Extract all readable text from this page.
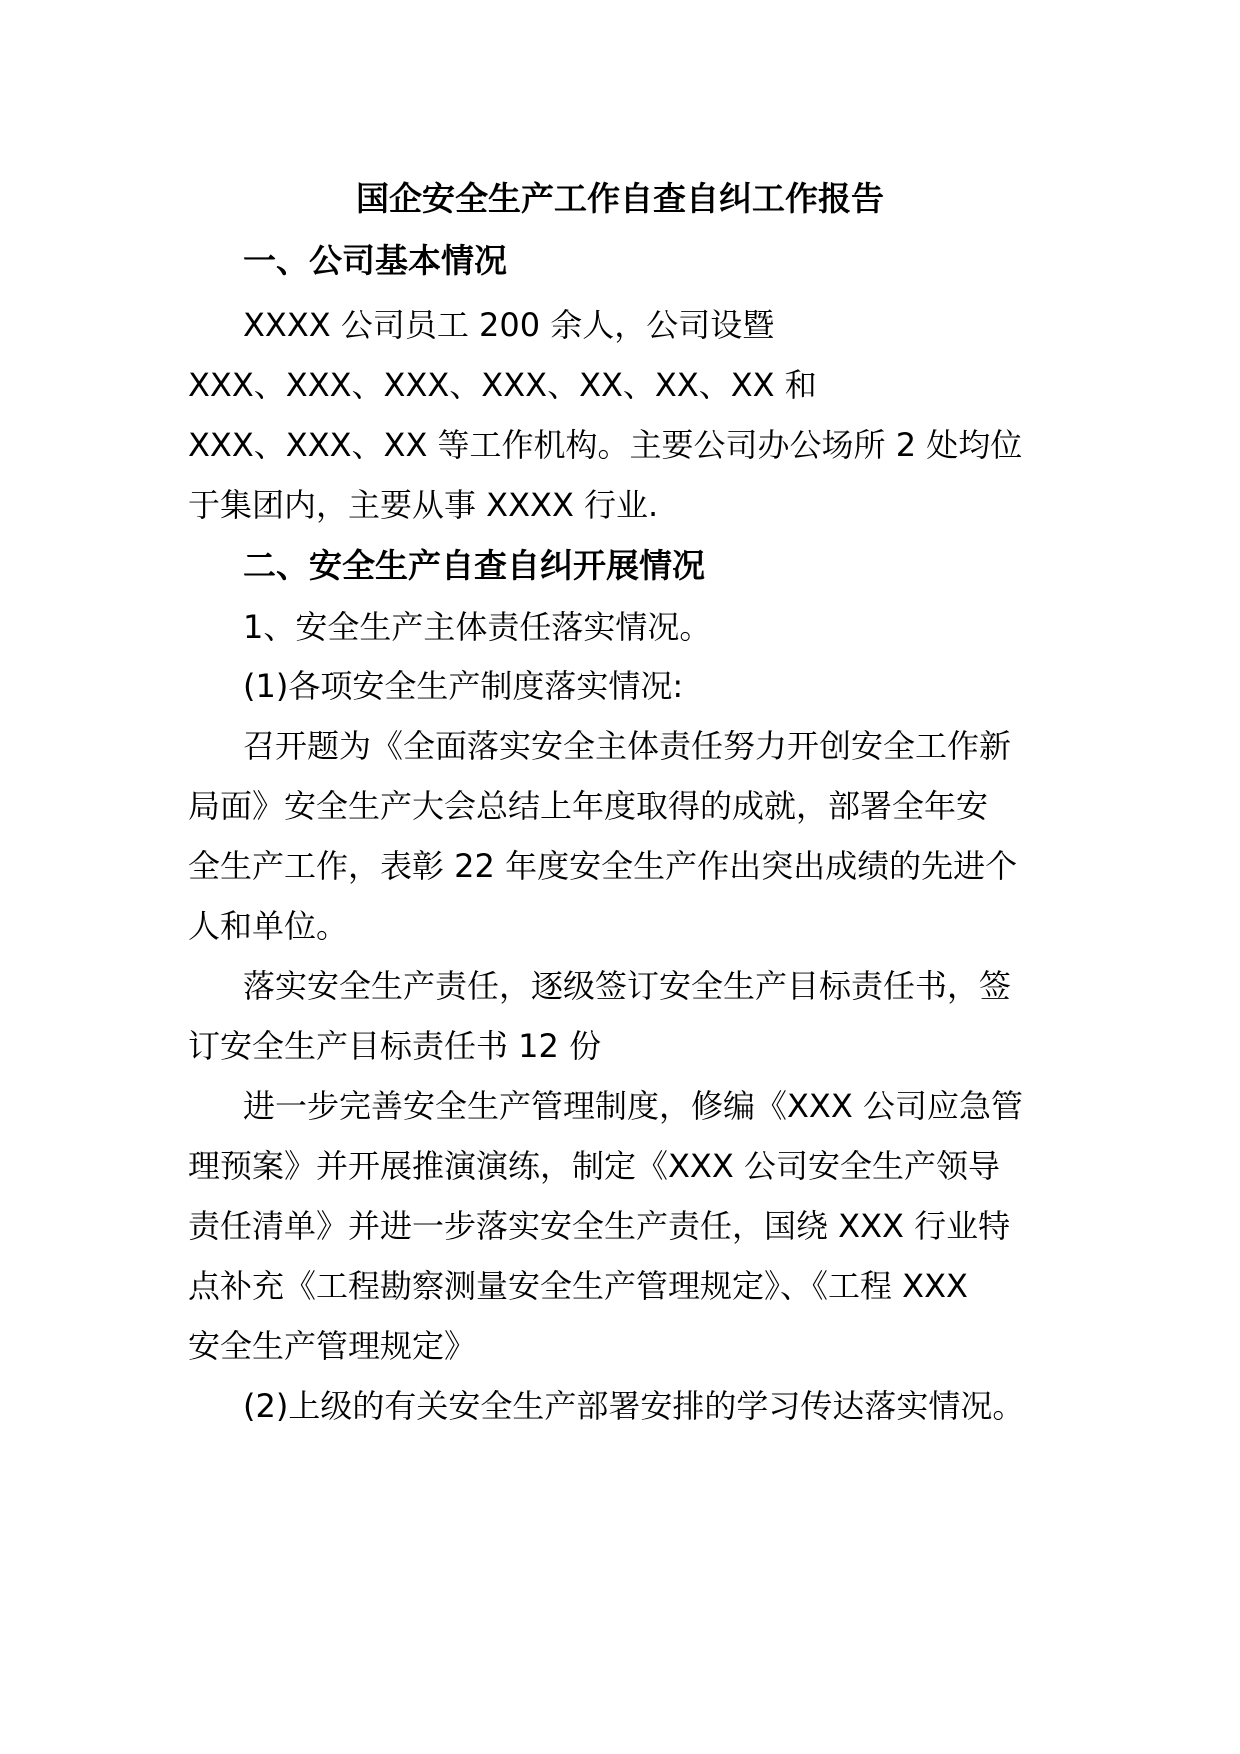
国企安全生产工作自查自纠工作报告
一、公司基本情况

XXXX 公司员工 200 余人，公司设暨

XXX、XXX、XXX、XXX、XX、XX、XX 和

XXX、XXX、XX 等工作机构。主要公司办公场所 2 处均位

于集团内，主要从事 XXXX 行业.

二、安全生产自查自纠开展情况

1、安全生产主体责任落实情况。

(1)各项安全生产制度落实情况:

召开题为《全面落实安全主体责任努力开创安全工作新

局面》安全生产大会总结上年度取得的成就，部署全年安

全生产工作，表彰 22 年度安全生产作出突出成绩的先进个

人和单位。

落实安全生产责任，逐级签订安全生产目标责任书，签

订安全生产目标责任书 12 份

进一步完善安全生产管理制度，修编《XXX 公司应急管

理预案》并开展推演演练，制定《XXX 公司安全生产领导

责任清单》并进一步落实安全生产责任，国绕 XXX 行业特

点补充《工程勘察测量安全生产管理规定》、《工程 XXX

安全生产管理规定》

(2)上级的有关安全生产部署安排的学习传达落实情况。
